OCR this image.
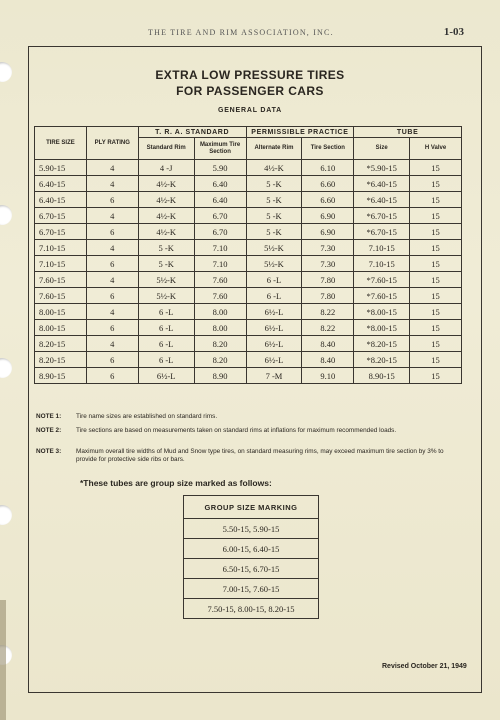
THE TIRE AND RIM ASSOCIATION, INC.	1-03
EXTRA LOW PRESSURE TIRES
FOR PASSENGER CARS
GENERAL DATA
TIRE SIZE	PLY RATING	T. R. A. STANDARD		PERMISSIBLE PRACTICE		TUBE	
		Standard Rim	Maximum Tire Section	Alternate Rim	Tire Section	Size	H Valve
5.90-15	4	4 -J	5.90	4½-K	6.10	*5.90-15	15
6.40-15	4	4½-K	6.40	5 -K	6.60	*6.40-15	15
6.40-15	6	4½-K	6.40	5 -K	6.60	*6.40-15	15
6.70-15	4	4½-K	6.70	5 -K	6.90	*6.70-15	15
6.70-15	6	4½-K	6.70	5 -K	6.90	*6.70-15	15
7.10-15	4	5 -K	7.10	5½-K	7.30	7.10-15	15
7.10-15	6	5 -K	7.10	5½-K	7.30	7.10-15	15
7.60-15	4	5½-K	7.60	6 -L	7.80	*7.60-15	15
7.60-15	6	5½-K	7.60	6 -L	7.80	*7.60-15	15
8.00-15	4	6 -L	8.00	6½-L	8.22	*8.00-15	15
8.00-15	6	6 -L	8.00	6½-L	8.22	*8.00-15	15
8.20-15	4	6 -L	8.20	6½-L	8.40	*8.20-15	15
8.20-15	6	6 -L	8.20	6½-L	8.40	*8.20-15	15
8.90-15	6	6½-L	8.90	7 -M	9.10	8.90-15	15
NOTE 1: Tire name sizes are established on standard rims.
NOTE 2: Tire sections are based on measurements taken on standard rims at inflations for maximum recommended loads.
NOTE 3: Maximum overall tire widths of Mud and Snow type tires, on standard measuring rims, may exceed maximum tire section by 3% to provide for protective side ribs or bars.
*These tubes are group size marked as follows:
GROUP SIZE MARKING
5.50-15, 5.90-15
6.00-15, 6.40-15
6.50-15, 6.70-15
7.00-15, 7.60-15
7.50-15, 8.00-15, 8.20-15
Revised October 21, 1949
